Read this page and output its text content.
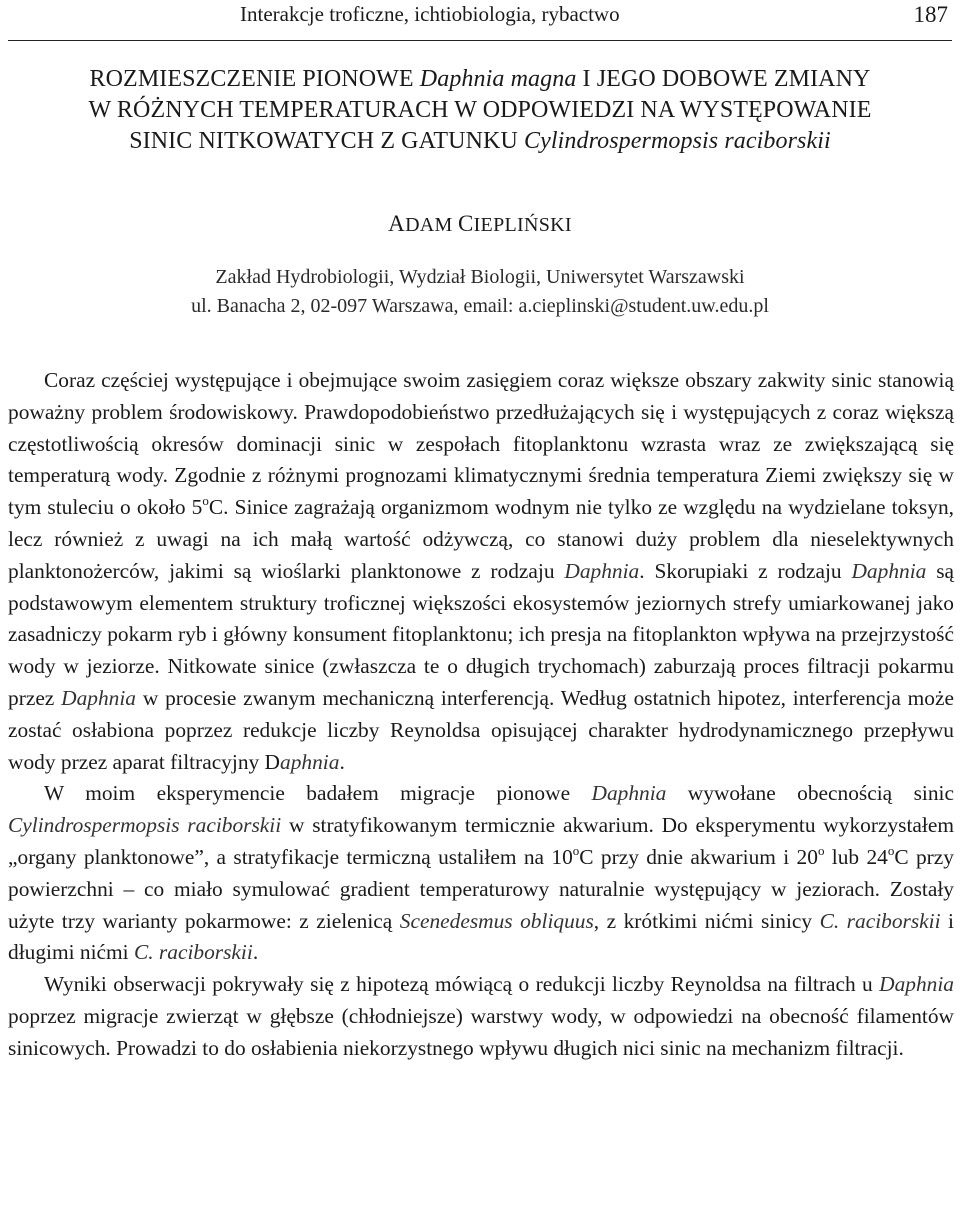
Interakcje troficzne, ichtiobiologia, rybactwo	187
ROZMIESZCZENIE PIONOWE Daphnia magna I JEGO DOBOWE ZMIANY
W RÓŻNYCH TEMPERATURACH W ODPOWIEDZI NA WYSTĘPOWANIE
SINIC NITKOWATYCH Z GATUNKU Cylindrospermopsis raciborskii
ADAM CIEPLIŃSKI
Zakład Hydrobiologii, Wydział Biologii, Uniwersytet Warszawski
ul. Banacha 2, 02-097 Warszawa, email: a.cieplinski@student.uw.edu.pl

Coraz częściej występujące i obejmujące swoim zasięgiem coraz większe obszary zakwity sinic stanowią poważny problem środowiskowy. Prawdopodobieństwo przedłużających się i występujących z coraz większą częstotliwością okresów dominacji sinic w zespołach fitoplanktonu wzrasta wraz ze zwiększającą się temperaturą wody. Zgodnie z różnymi prognozami klimatycznymi średnia temperatura Ziemi zwiększy się w tym stuleciu o około 5$^o$C. Sinice zagrażają organizmom wodnym nie tylko ze względu na wydzielane toksyn, lecz również z uwagi na ich małą wartość odżywczą, co stanowi duży problem dla nieselektywnych planktonożerców, jakimi są wioślarki planktonowe z rodzaju Daphnia. Skorupiaki z rodzaju Daphnia są podstawowym elementem struktury troficznej większości ekosystemów jeziornych strefy umiarkowanej jako zasadniczy pokarm ryb i główny konsument fitoplanktonu; ich presja na fitoplankton wpływa na przejrzystość wody w jeziorze. Nitkowate sinice (zwłaszcza te o długich trychomach) zaburzają proces filtracji pokarmu przez Daphnia w procesie zwanym mechaniczną interferencją. Według ostatnich hipotez, interferencja może zostać osłabiona poprzez redukcje liczby Reynoldsa opisującej charakter hydrodynamicznego przepływu wody przez aparat filtracyjny Daphnia.

W moim eksperymencie badałem migracje pionowe Daphnia wywołane obecnością sinic Cylindrospermopsis raciborskii w stratyfikowanym termicznie akwarium. Do eksperymentu wykorzystałem „organy planktonowe”, a stratyfikacje termiczną ustaliłem na 10$^o$C przy dnie akwarium i 20$^o$ lub 24$^o$C przy powierzchni – co miało symulować gradient temperaturowy naturalnie występujący w jeziorach. Zostały użyte trzy warianty pokarmowe: z zielenicą Scenedesmus obliquus, z krótkimi nićmi sinicy C. raciborskii i długimi nićmi C. raciborskii.

Wyniki obserwacji pokrywały się z hipotezą mówiącą o redukcji liczby Reynoldsa na filtrach u Daphnia poprzez migracje zwierząt w głębsze (chłodniejsze) warstwy wody, w odpowiedzi na obecność filamentów sinicowych. Prowadzi to do osłabienia niekorzystnego wpływu długich nici sinic na mechanizm filtracji.
